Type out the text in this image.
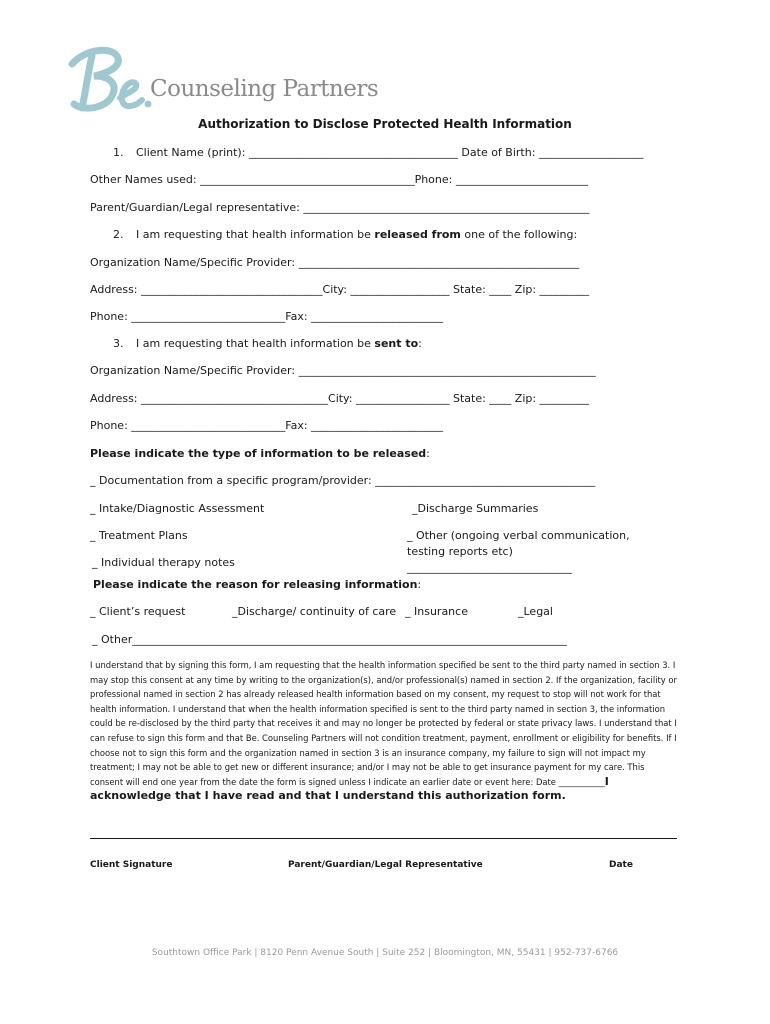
Counseling Partners
Authorization to Disclose Protected Health Information
1. Client Name (print): ______________________________________ Date of Birth: ___________________
Other Names used: _______________________________________Phone: ________________________
Parent/Guardian/Legal representative: ____________________________________________________
2. I am requesting that health information be released from one of the following:
Organization Name/Specific Provider: ___________________________________________________
Address: _________________________________City: __________________ State: ____ Zip: _________
Phone: ____________________________Fax: ________________________
3. I am requesting that health information be sent to:
Organization Name/Specific Provider: ______________________________________________________
Address: __________________________________City: _________________ State: ____ Zip: _________
Phone: ____________________________Fax: ________________________
Please indicate the type of information to be released:
_ Documentation from a specific program/provider: ________________________________________
_ Intake/Diagnostic Assessment	_Discharge Summaries
_ Treatment Plans	_ Other (ongoing verbal communication, testing reports etc) ______________________________
_ Individual therapy notes
Please indicate the reason for releasing information:
_ Client’s request	_Discharge/ continuity of care _ Insurance	_Legal
_ Other_______________________________________________________________________________
I understand that by signing this form, I am requesting that the health information specified be sent to the third party named in section 3. I may stop this consent at any time by writing to the organization(s), and/or professional(s) named in section 2. If the organization, facility or professional named in section 2 has already released health information based on my consent, my request to stop will not work for that health information. I understand that when the health information specified is sent to the third party named in section 3, the information could be re-disclosed by the third party that receives it and may no longer be protected by federal or state privacy laws. I understand that I can refuse to sign this form and that Be. Counseling Partners will not condition treatment, payment, enrollment or eligibility for benefits. If I choose not to sign this form and the organization named in section 3 is an insurance company, my failure to sign will not impact my treatment; I may not be able to get new or different insurance; and/or I may not be able to get insurance payment for my care. This consent will end one year from the date the form is signed unless I indicate an earlier date or event here: Date ___________I acknowledge that I have read and that I understand this authorization form.
Client Signature	Parent/Guardian/Legal Representative	Date
Southtown Office Park | 8120 Penn Avenue South | Suite 252 | Bloomington, MN, 55431 | 952-737-6766
